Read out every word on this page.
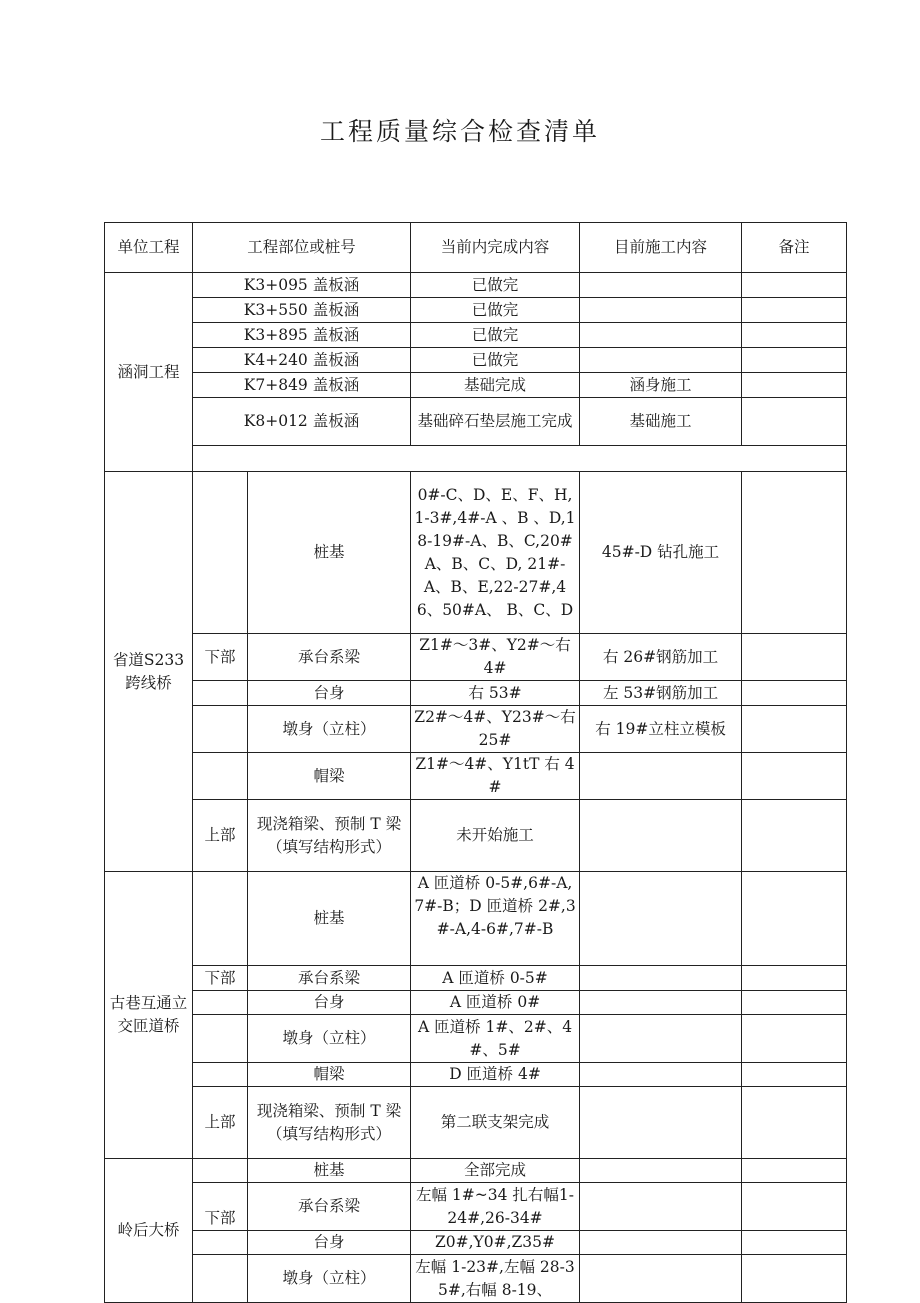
工程质量综合检查清单
单位工程	工程部位或桩号		当前内完成内容	目前施工内容	备注
涵洞工程	K3+095 盖板涵		已做完		
	K3+550 盖板涵		已做完		
	K3+895 盖板涵		已做完		
	K4+240 盖板涵		已做完		
	K7+849 盖板涵		基础完成	涵身施工	
	K8+012 盖板涵		基础碎石垫层施工完成	基础施工	

省道S233 跨线桥		桩基	0#-C、D、E、F、H,1-3#,4#-A 、B 、D,18-19#-A、B、C,20#A、B、C、D, 21#-A、B、E,22-27#,46、50#A、 B、C、D	45#-D 钻孔施工	
	下部	承台系梁	Z1#～3#、Y2#～右 4#	右 26#钢筋加工	
		台身	右 53#	左 53#钢筋加工	
		墩身（立柱）	Z2#～4#、Y23#～右25#	右 19#立柱立模板	
		帽梁	Z1#～4#、Y1tT 右 4#		
	上部	现浇箱梁、预制 T 梁（填写结构形式）	未开始施工		

古巷互通立交匝道桥		桩基	A 匝道桥 0-5#,6#-A,7#-B；D 匝道桥 2#,3#-A,4-6#,7#-B		
	下部	承台系梁	A 匝道桥 0-5#		
		台身	A 匝道桥 0#		
		墩身（立柱）	A 匝道桥 1#、2#、4#、5#		
		帽梁	D 匝道桥 4#		
	上部	现浇箱梁、预制 T 梁（填写结构形式）	第二联支架完成		

岭后大桥		桩基	全部完成		
	下部	承台系梁	左幅 1#~34 扎右幅1-24#,26-34#		
		台身	Z0#,Y0#,Z35#		
		墩身（立柱）	左幅 1-23#,左幅 28-35#,右幅 8-19、		
